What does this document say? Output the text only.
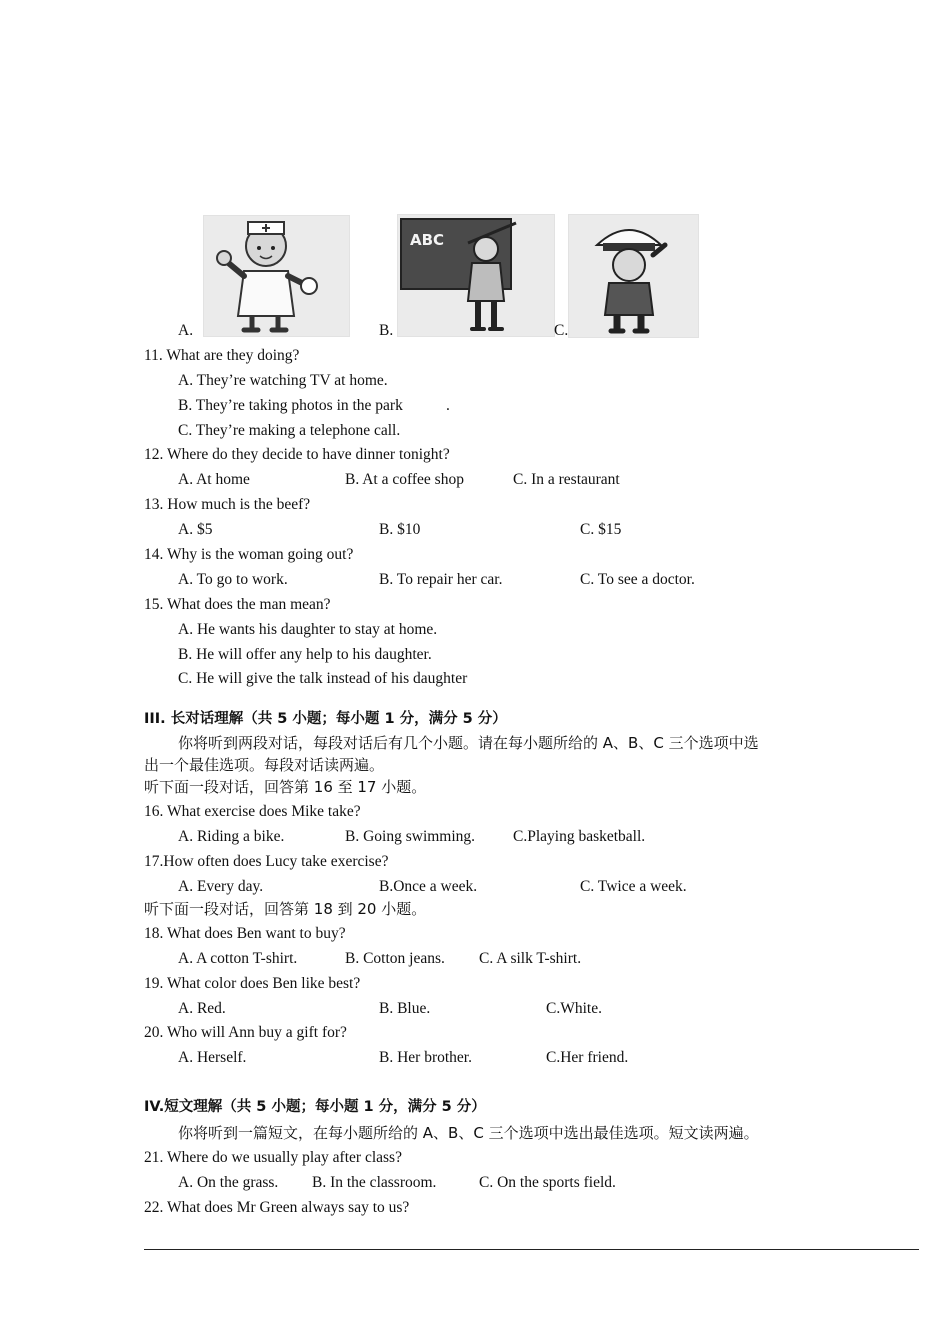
ABC
A.	B.	C.
11. What are they doing?
A. They’re watching TV at home.
B. They’re taking photos in the park	.
C. They’re making a telephone call.
12. Where do they decide to have dinner tonight?
A. At home	B. At a coffee shop	C. In a restaurant
13. How much is the beef?
A. $5	B. $10	C. $15
14. Why is the woman going out?
A. To go to work.	B. To repair her car.	C. To see a doctor.
15. What does the man mean?
A. He wants his daughter to stay at home.
B. He will offer any help to his daughter.
C. He will give the talk instead of his daughter
III. 长对话理解（共 5 小题；每小题 1 分，满分 5 分）
你将听到两段对话，每段对话后有几个小题。请在每小题所给的 A、B、C 三个选项中选
出一个最佳选项。每段对话读两遍。
听下面一段对话，回答第 16 至 17 小题。
16. What exercise does Mike take?
A. Riding a bike.	B. Going swimming. C.Playing basketball.
17.How often does Lucy take exercise?
A. Every day.	B.Once a week.	C. Twice a week.
听下面一段对话，回答第 18 到 20 小题。
18. What does Ben want to buy?
A. A cotton T-shirt.	B. Cotton jeans. C. A silk T-shirt.
19. What color does Ben like best?
A. Red.	B. Blue.	C.White.
20. Who will Ann buy a gift for?
A. Herself.	B. Her brother.	C.Her friend.
IV.短文理解（共 5 小题；每小题 1 分，满分 5 分）
你将听到一篇短文，在每小题所给的 A、B、C 三个选项中选出最佳选项。短文读两遍。
21. Where do we usually play after class?
A. On the grass. B. In the classroom.	C. On the sports field.
22. What does Mr Green always say to us?
